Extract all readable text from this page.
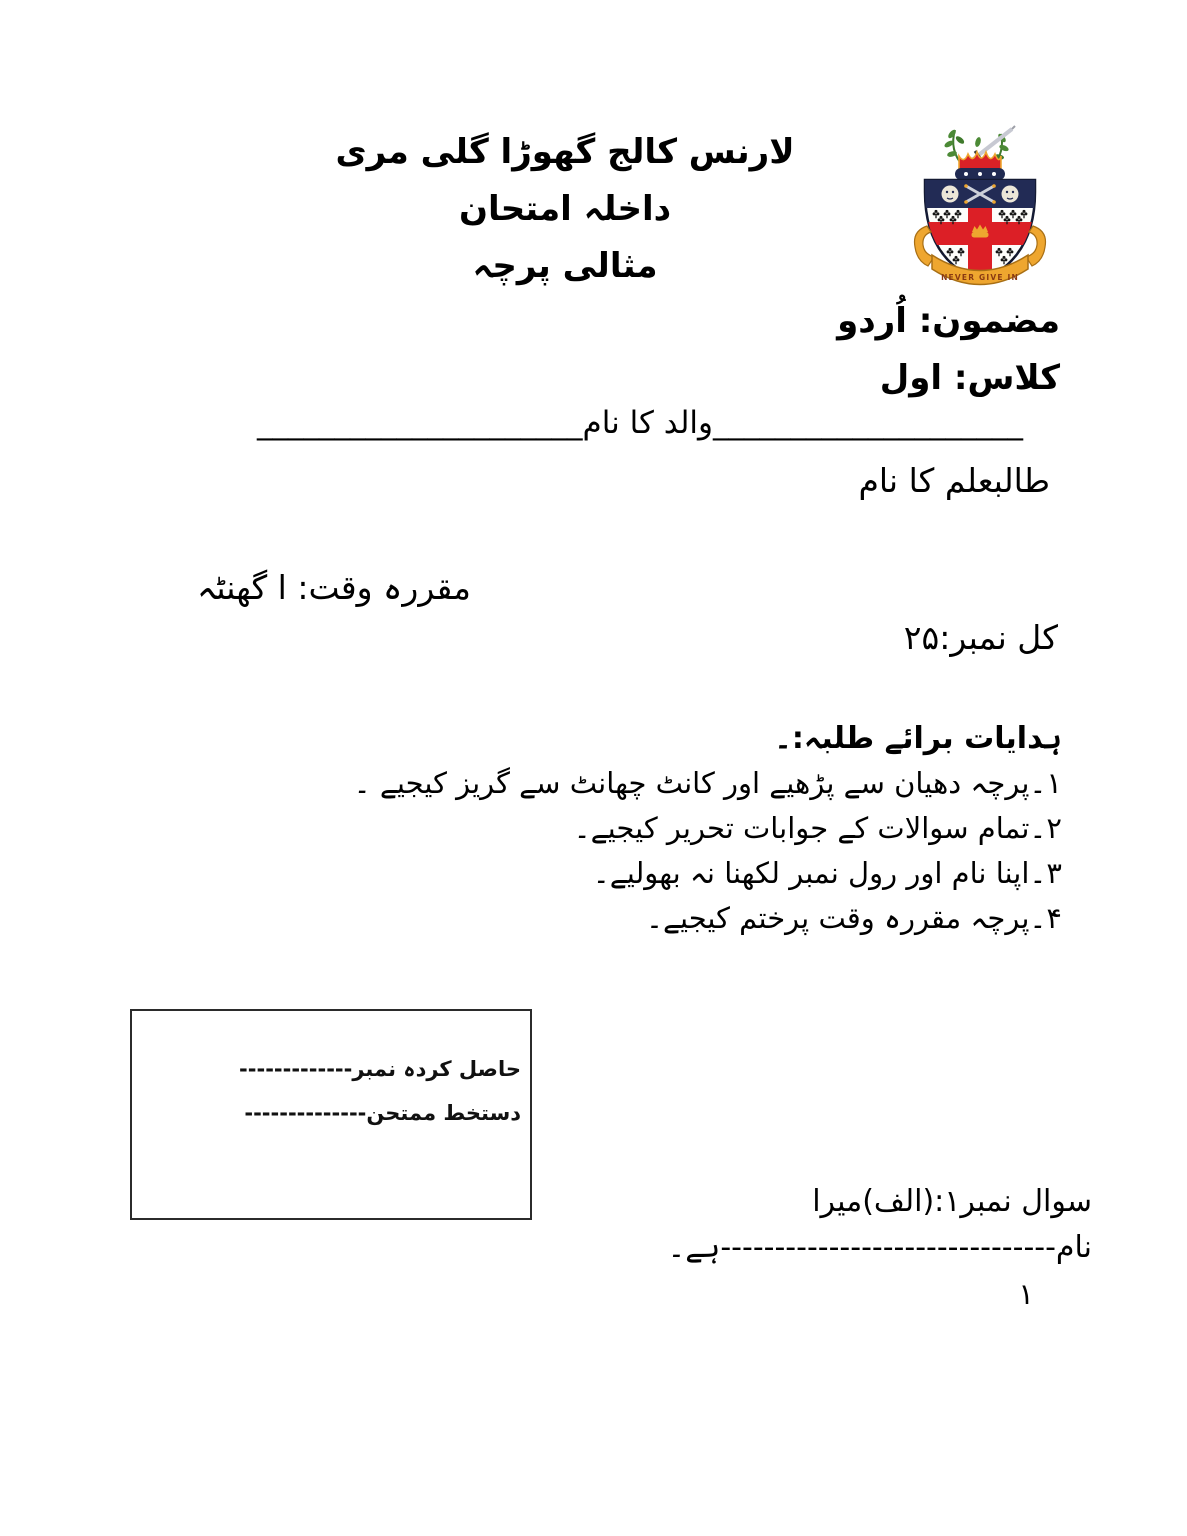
NEVER GIVE IN
لارنس کالج گھوڑا گلی مری
داخلہ امتحان
مثالی پرچہ
مضمون: اُردو
کلاس: اول
____________________والد کا نام_____________________
طالبعلم کا نام
مقررہ وقت: ا گھنٹہ
کل نمبر:۲۵
ہدایات برائے طلبہ:۔
۱۔پرچہ دھیان سے پڑھیے اور کانٹ چھانٹ سے گریز کیجیے ۔
۲۔تمام سوالات کے جوابات تحریر کیجیے۔
۳۔اپنا نام اور رول نمبر لکھنا نہ بھولیے۔
۴۔پرچہ مقررہ وقت پرختم کیجیے۔
حاصل کردہ نمبر-------------
دستخط ممتحن--------------
سوال نمبر۱:(الف)میرا
نام-------------------------------ہے۔
۱
